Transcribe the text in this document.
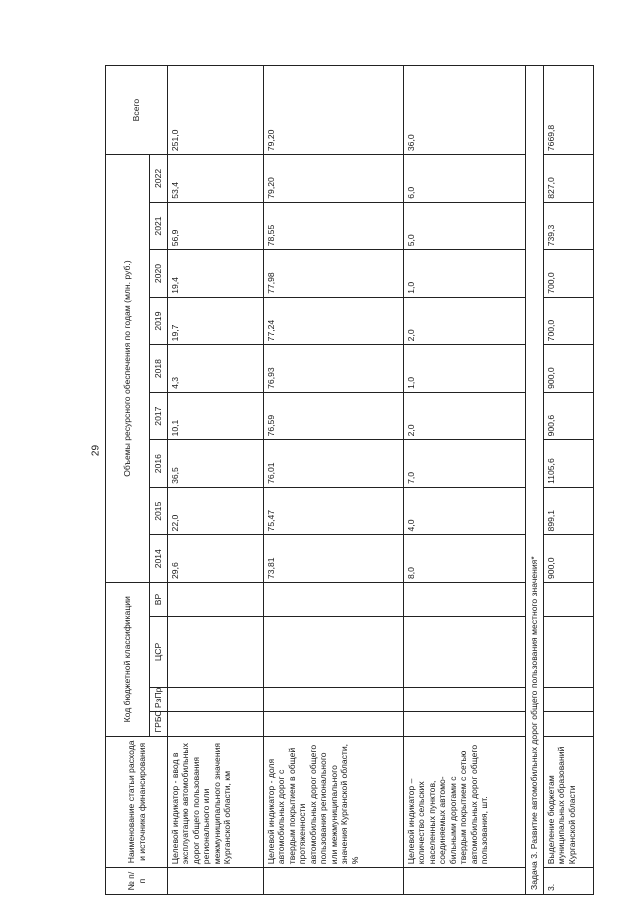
29
№ п/п	Наименование статьи расхода и источника финансирования	Код бюджетной классификации				Объемы ресурсного обеспечения по годам (млн. руб.)									Всего
		ГРБС	РзПр	ЦСР	ВР	2014	2015	2016	2017	2018	2019	2020	2021	2022	
	Целевой индикатор - ввод в эксплуатацию автомобильных дорог общего пользования регионального или межмуниципального значения Курганской области, км					29,6	22,0	36,5	10,1	4,3	19,7	19,4	56,9	53,4	251,0
	Целевой индикатор - доля автомобильных дорог с твердым покрытием в общей протяженности автомобильных дорог общего пользования регионального или межмуниципального значения Курганской области, %					73,81	75,47	76,01	76,59	76,93	77,24	77,98	78,55	79,20	79,20
	Целевой индикатор – количество сельских населенных пунктов, соединяемых автомо-бильными дорогами с твердым покрытием с сетью автомобильных дорог общего пользования, шт.					8,0	4,0	7,0	2,0	1,0	2,0	1,0	5,0	6,0	36,0
Задача 3. Развитие автомобильных дорог общего пользования местного значения*															
3.	Выделение бюджетам муниципальных образований Курганской области					900,0	899,1	1105,6	900,6	900,0	700,0	700,0	739,3	827,0	7669,8
